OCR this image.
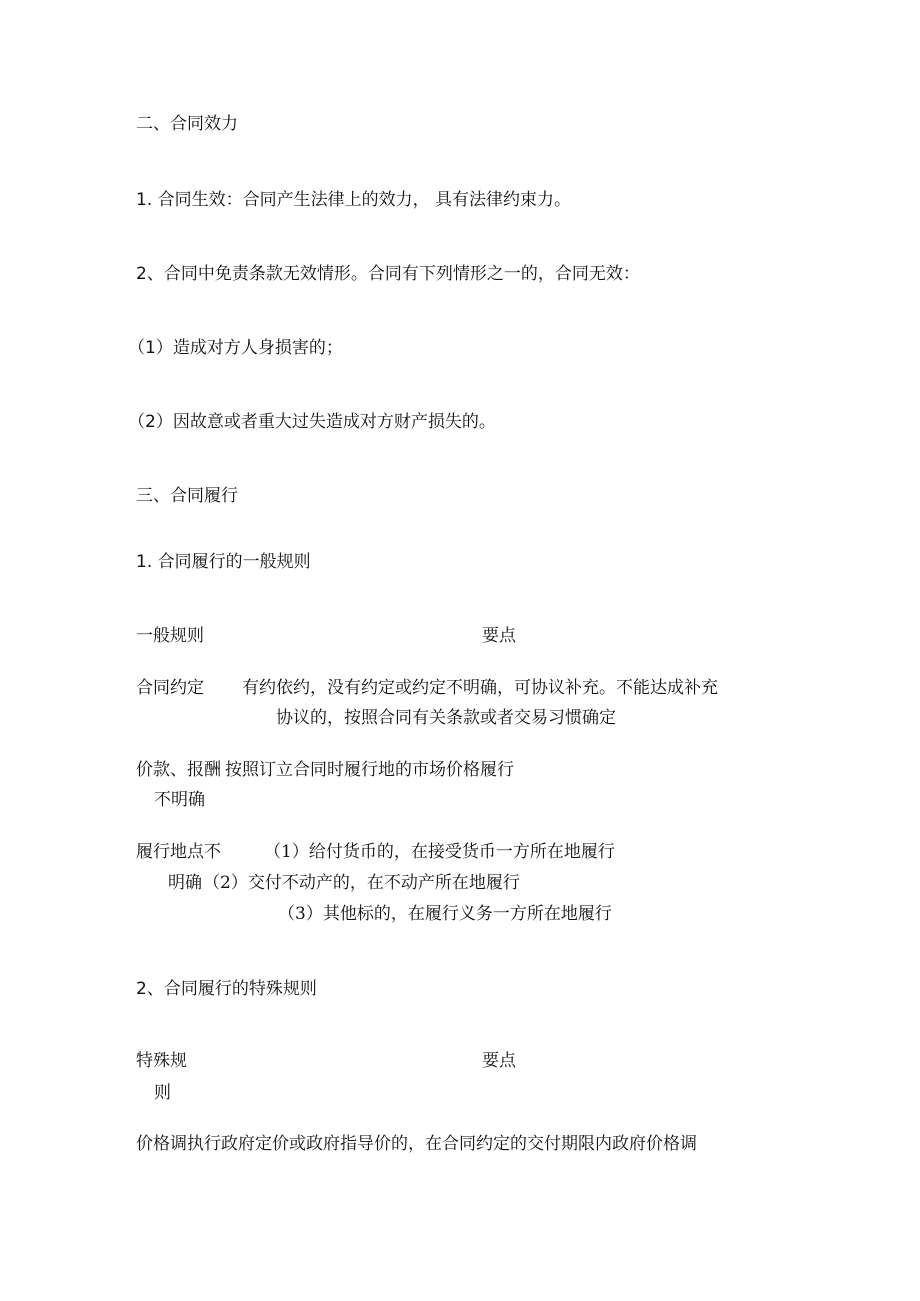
二、合同效力
1. 合同生效：合同产生法律上的效力， 具有法律约束力。
2、合同中免责条款无效情形。合同有下列情形之一的，合同无效：
（1）造成对方人身损害的；
（2）因故意或者重大过失造成对方财产损失的。
三、合同履行
1. 合同履行的一般规则
一般规则	要点
合同约定 有约依约，没有约定或约定不明确，可协议补充。不能达成补充
协议的，按照合同有关条款或者交易习惯确定
价款、报酬 按照订立合同时履行地的市场价格履行
不明确
履行地点不	（1）给付货币的，在接受货币一方所在地履行
明确 （2）交付不动产的，在不动产所在地履行
（3）其他标的，在履行义务一方所在地履行
2、合同履行的特殊规则
特殊规	要点
则
价格调 执行政府定价或政府指导价的，在合同约定的交付期限内政府价格调
